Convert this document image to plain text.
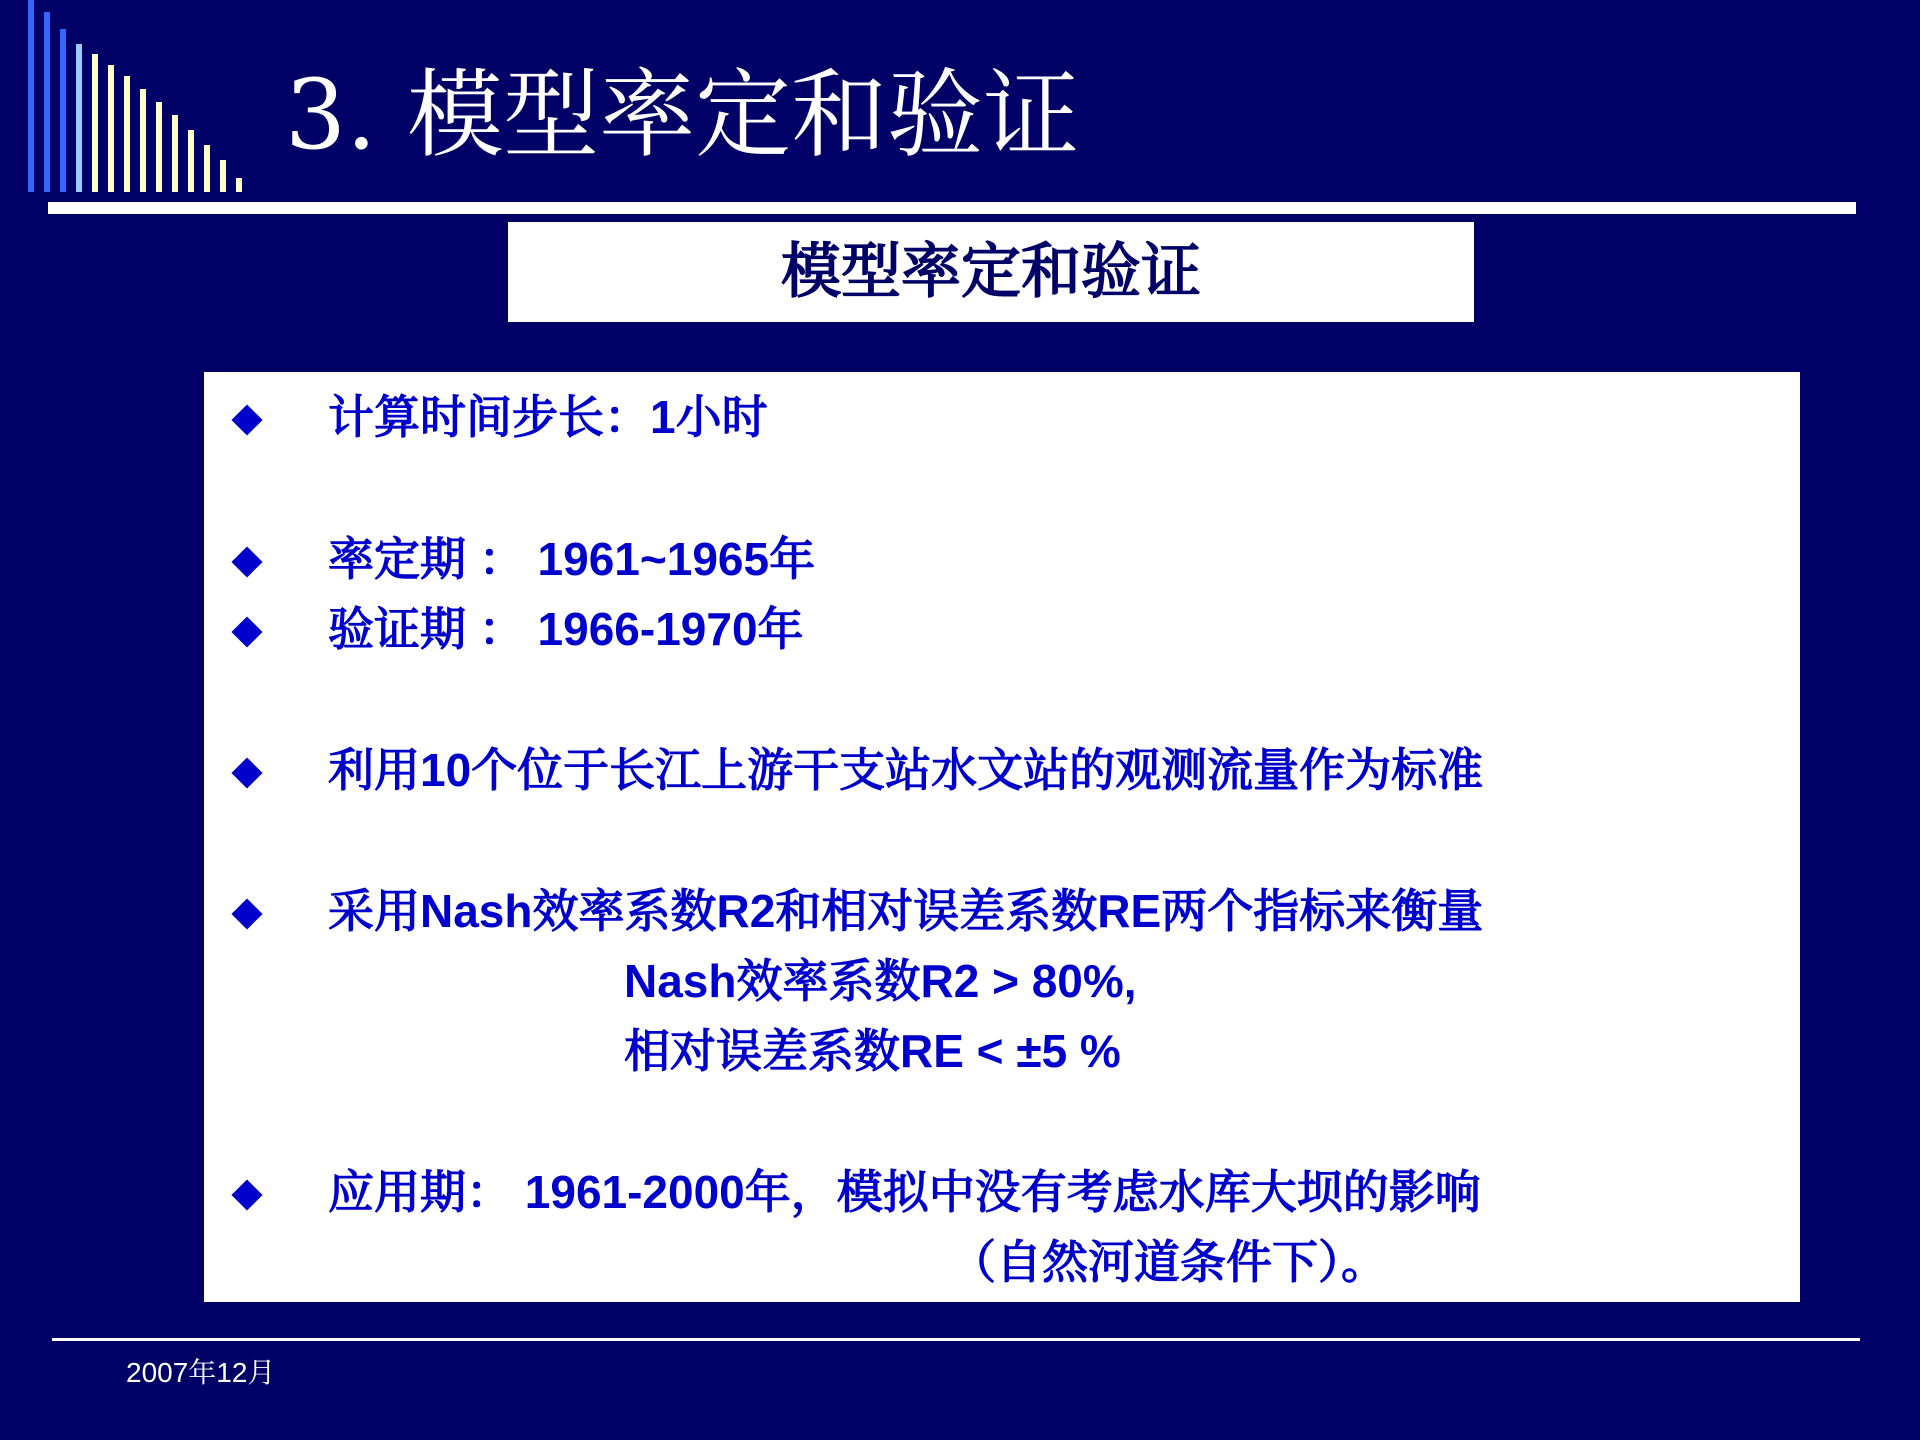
3. 模型率定和验证
模型率定和验证
计算时间步长：1小时
率定期 ： 1961~1965年
验证期 ： 1966-1970年
利用10个位于长江上游干支站水文站的观测流量作为标准
采用Nash效率系数R2和相对误差系数RE两个指标来衡量
Nash效率系数R2 > 80%,
相对误差系数RE < ±5 %
应用期： 1961-2000年，模拟中没有考虑水库大坝的影响
（自然河道条件下）。
2007年12月
